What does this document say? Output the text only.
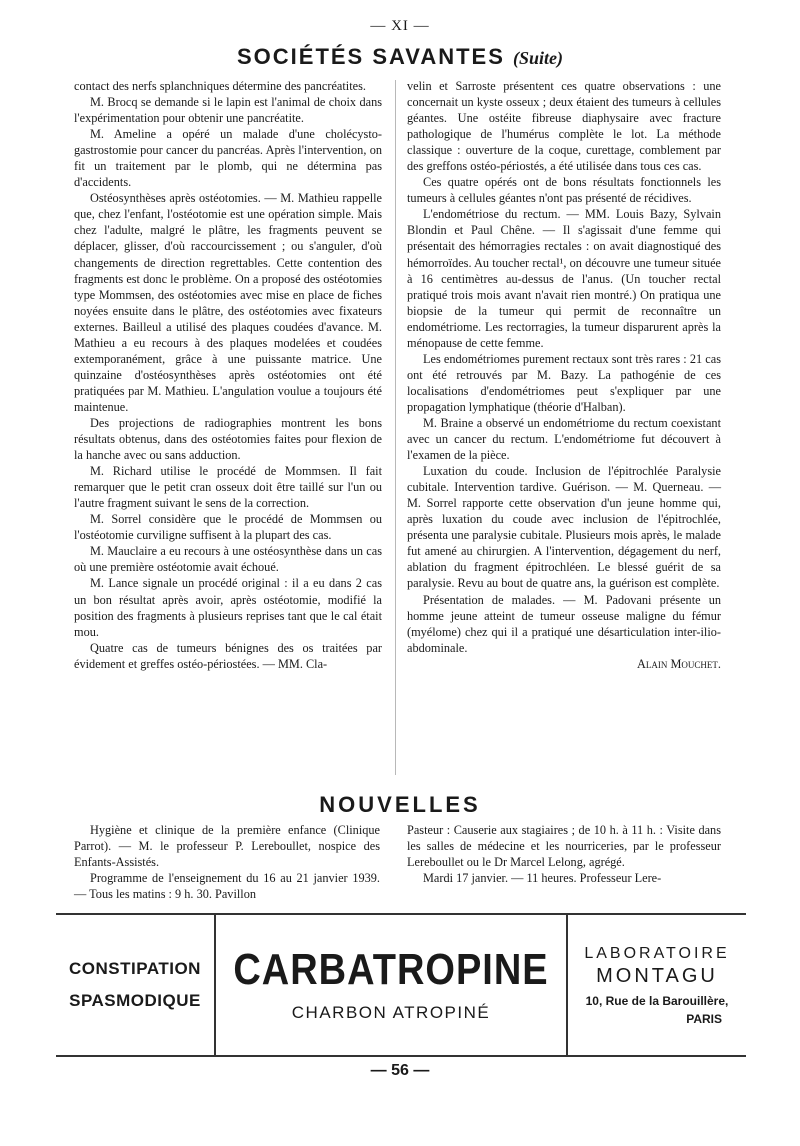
— XI —
SOCIÉTÉS SAVANTES (Suite)

contact des nerfs splanchniques détermine des pancréatites.

M. Brocq se demande si le lapin est l'animal de choix dans l'expérimentation pour obtenir une pancréatite.

M. Ameline a opéré un malade d'une cholécysto-gastrostomie pour cancer du pancréas. Après l'intervention, on fit un traitement par le plomb, qui ne détermina pas d'accidents.

Ostéosynthèses après ostéotomies. — M. Mathieu rappelle que, chez l'enfant, l'ostéotomie est une opération simple. Mais chez l'adulte, malgré le plâtre, les fragments peuvent se déplacer, glisser, d'où raccourcissement ; ou s'anguler, d'où changements de direction regrettables. Cette contention des fragments est donc le problème. On a proposé des ostéotomies type Mommsen, des ostéotomies avec mise en place de fiches noyées ensuite dans le plâtre, des ostéotomies avec fixateurs externes. Bailleul a utilisé des plaques coudées d'avance. M. Mathieu a eu recours à des plaques modelées et coudées extemporanément, grâce à une puissante matrice. Une quinzaine d'ostéosynthèses après ostéotomies ont été pratiquées par M. Mathieu. L'angulation voulue a toujours été maintenue.

Des projections de radiographies montrent les bons résultats obtenus, dans des ostéotomies faites pour flexion de la hanche avec ou sans adduction.

M. Richard utilise le procédé de Mommsen. Il fait remarquer que le petit cran osseux doit être taillé sur l'un ou l'autre fragment suivant le sens de la correction.

M. Sorrel considère que le procédé de Mommsen ou l'ostéotomie curviligne suffisent à la plupart des cas.

M. Mauclaire a eu recours à une ostéosynthèse dans un cas où une première ostéotomie avait échoué.

M. Lance signale un procédé original : il a eu dans 2 cas un bon résultat après avoir, après ostéotomie, modifié la position des fragments à plusieurs reprises tant que le cal était mou.

Quatre cas de tumeurs bénignes des os traitées par évidement et greffes ostéo-périostées. — MM. Cla-

velin et Sarroste présentent ces quatre observations : une concernait un kyste osseux ; deux étaient des tumeurs à cellules géantes. Une ostéite fibreuse diaphysaire avec fracture pathologique de l'humérus complète le lot. La méthode classique : ouverture de la coque, curettage, comblement par des greffons ostéo-périostés, a été utilisée dans tous ces cas.

Ces quatre opérés ont de bons résultats fonctionnels les tumeurs à cellules géantes n'ont pas présenté de récidives.

L'endométriose du rectum. — MM. Louis Bazy, Sylvain Blondin et Paul Chêne. — Il s'agissait d'une femme qui présentait des hémorragies rectales : on avait diagnostiqué des hémorroïdes. Au toucher rectal¹, on découvre une tumeur située à 16 centimètres au-dessus de l'anus. (Un toucher rectal pratiqué trois mois avant n'avait rien montré.) On pratiqua une biopsie de la tumeur qui permit de reconnaître un endométriome. Les rectorragies, la tumeur disparurent après la ménopause de cette femme.

Les endométriomes purement rectaux sont très rares : 21 cas ont été retrouvés par M. Bazy. La pathogénie de ces localisations d'endométriomes peut s'expliquer par une propagation lymphatique (théorie d'Halban).

M. Braine a observé un endométriome du rectum coexistant avec un cancer du rectum. L'endométriome fut découvert à l'examen de la pièce.

Luxation du coude. Inclusion de l'épitrochlée Paralysie cubitale. Intervention tardive. Guérison. — M. Querneau. — M. Sorrel rapporte cette observation d'un jeune homme qui, après luxation du coude avec inclusion de l'épitrochlée, présenta une paralysie cubitale. Plusieurs mois après, le malade fut amené au chirurgien. A l'intervention, dégagement du nerf, ablation du fragment épitrochléen. Le blessé guérit de sa paralysie. Revu au bout de quatre ans, la guérison est complète.

Présentation de malades. — M. Padovani présente un homme jeune atteint de tumeur osseuse maligne du fémur (myélome) chez qui il a pratiqué une désarticulation inter-ilio-abdominale.

Alain Mouchet.

NOUVELLES

Hygiène et clinique de la première enfance (Clinique Parrot). — M. le professeur P. Lereboullet, nospice des Enfants-Assistés.

Programme de l'enseignement du 16 au 21 janvier 1939. — Tous les matins : 9 h. 30. Pavillon

Pasteur : Causerie aux stagiaires ; de 10 h. à 11 h. : Visite dans les salles de médecine et les nourriceries, par le professeur Lereboullet ou le Dr Marcel Lelong, agrégé.

Mardi 17 janvier. — 11 heures. Professeur Lere-

CONSTIPATION
SPASMODIQUE
CARBATROPINE
CHARBON ATROPINÉ
LABORATOIRE
MONTAGU
10, Rue de la Barouillère,
PARIS
— 56 —
